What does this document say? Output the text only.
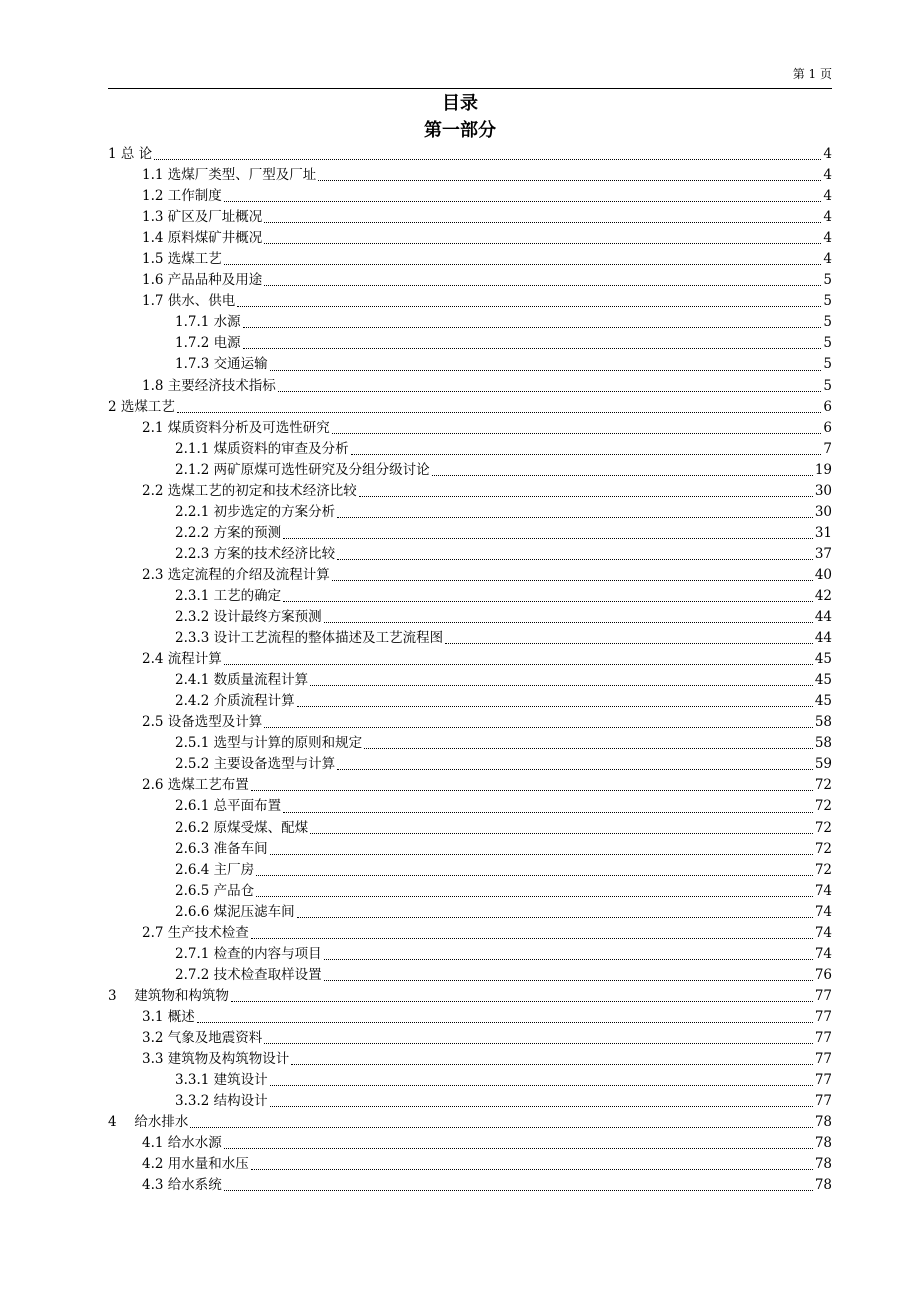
第 1 页
目录
第一部分
1 总 论	4
1.1 选煤厂类型、厂型及厂址	4
1.2 工作制度	4
1.3 矿区及厂址概况	4
1.4 原料煤矿井概况	4
1.5 选煤工艺	4
1.6 产品品种及用途	5
1.7 供水、供电	5
1.7.1 水源	5
1.7.2 电源	5
1.7.3 交通运输	5
1.8 主要经济技术指标	5
2 选煤工艺	6
2.1 煤质资料分析及可选性研究	6
2.1.1 煤质资料的审查及分析	7
2.1.2 两矿原煤可选性研究及分组分级讨论	19
2.2 选煤工艺的初定和技术经济比较	30
2.2.1 初步选定的方案分析	30
2.2.2 方案的预测	31
2.2.3 方案的技术经济比较	37
2.3 选定流程的介绍及流程计算	40
2.3.1 工艺的确定	42
2.3.2 设计最终方案预测	44
2.3.3 设计工艺流程的整体描述及工艺流程图	44
2.4 流程计算	45
2.4.1 数质量流程计算	45
2.4.2 介质流程计算	45
2.5 设备选型及计算	58
2.5.1 选型与计算的原则和规定	58
2.5.2 主要设备选型与计算	59
2.6 选煤工艺布置	72
2.6.1 总平面布置	72
2.6.2 原煤受煤、配煤	72
2.6.3 准备车间	72
2.6.4 主厂房	72
2.6.5 产品仓	74
2.6.6 煤泥压滤车间	74
2.7 生产技术检查	74
2.7.1 检查的内容与项目	74
2.7.2 技术检查取样设置	76
3　 建筑物和构筑物	77
3.1 概述	77
3.2 气象及地震资料	77
3.3 建筑物及构筑物设计	77
3.3.1 建筑设计	77
3.3.2 结构设计	77
4　 给水排水	78
4.1 给水水源	78
4.2 用水量和水压	78
4.3 给水系统	78
